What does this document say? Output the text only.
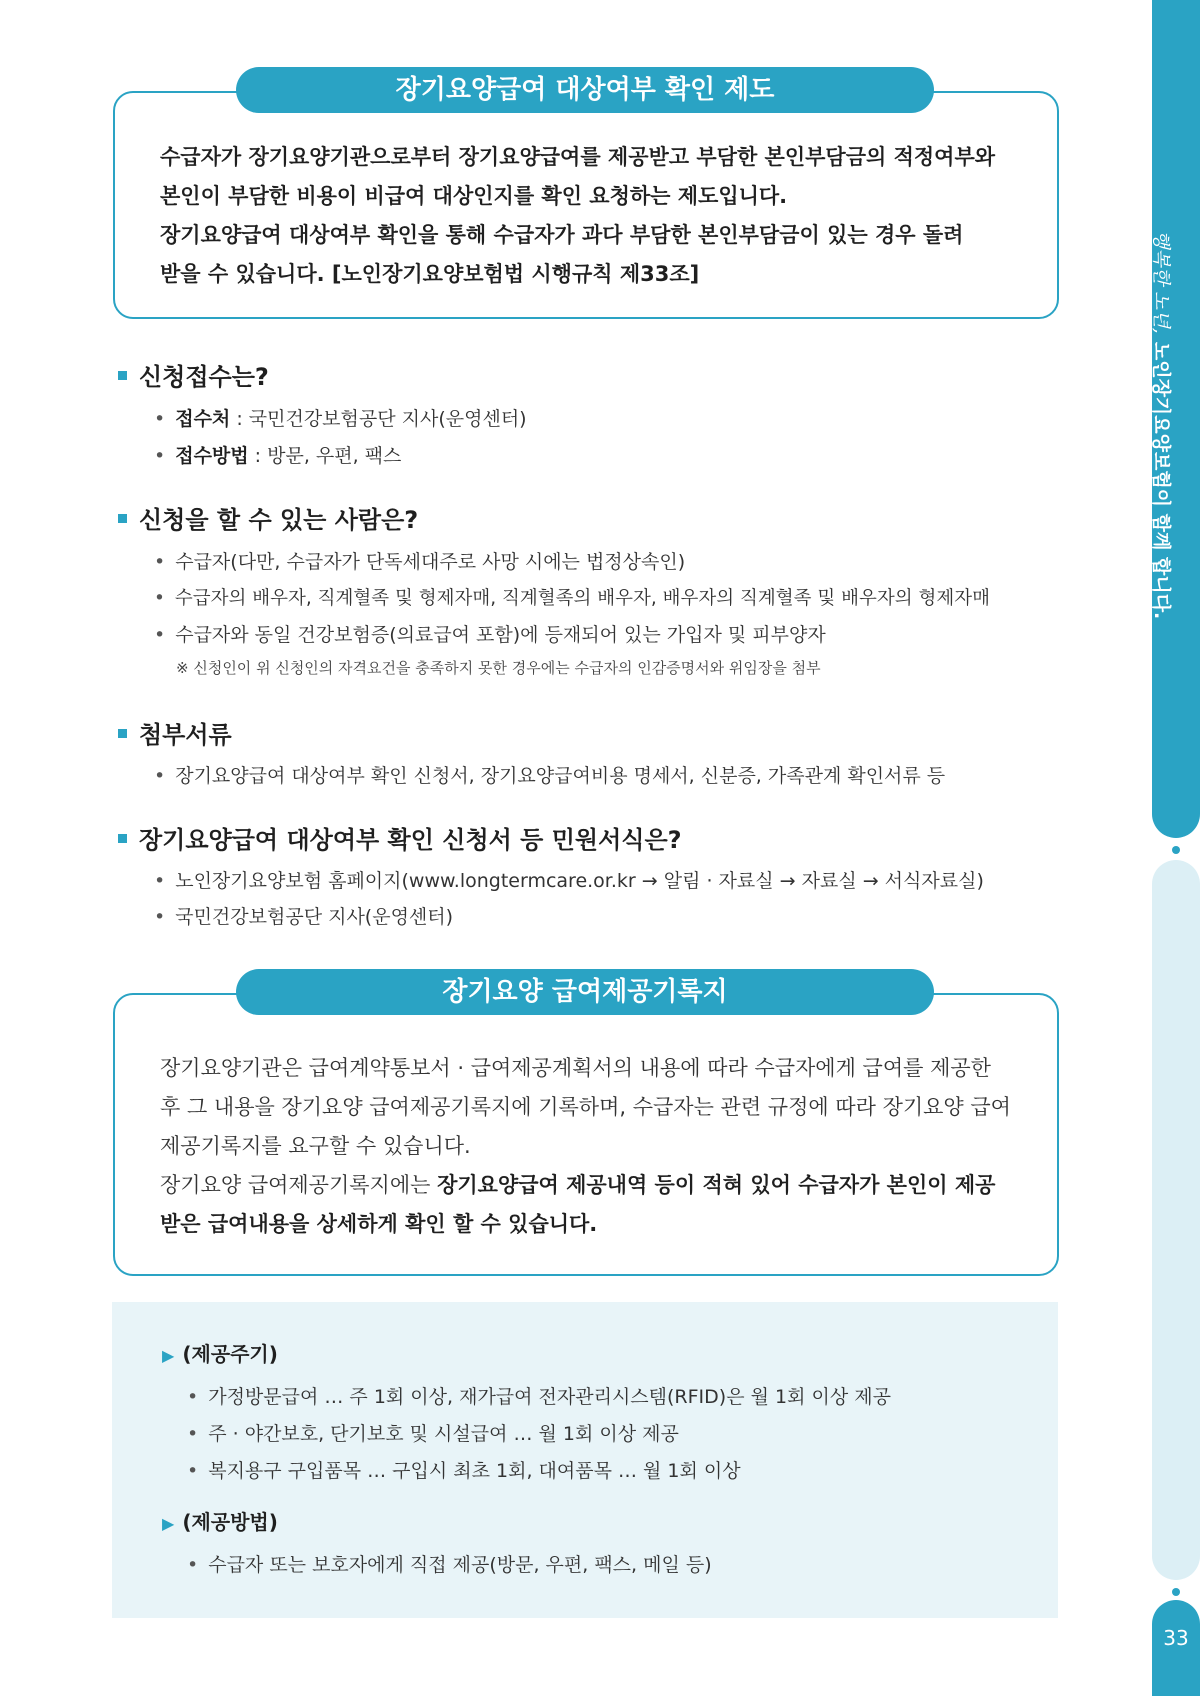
행복한 노년,노인장기요양보험이 함께 합니다.
33
수급자가 장기요양기관으로부터 장기요양급여를 제공받고 부담한 본인부담금의 적정여부와
본인이 부담한 비용이 비급여 대상인지를 확인 요청하는 제도입니다.
장기요양급여 대상여부 확인을 통해 수급자가 과다 부담한 본인부담금이 있는 경우 돌려
받을 수 있습니다. [노인장기요양보험법 시행규칙 제33조]
장기요양급여 대상여부 확인 제도
신청접수는?
• 접수처 : 국민건강보험공단 지사(운영센터)
• 접수방법 : 방문, 우편, 팩스
신청을 할 수 있는 사람은?
• 수급자(다만, 수급자가 단독세대주로 사망 시에는 법정상속인)
• 수급자의 배우자, 직계혈족 및 형제자매, 직계혈족의 배우자, 배우자의 직계혈족 및 배우자의 형제자매
• 수급자와 동일 건강보험증(의료급여 포함)에 등재되어 있는 가입자 및 피부양자
※ 신청인이 위 신청인의 자격요건을 충족하지 못한 경우에는 수급자의 인감증명서와 위임장을 첨부
첨부서류
• 장기요양급여 대상여부 확인 신청서, 장기요양급여비용 명세서, 신분증, 가족관계 확인서류 등
장기요양급여 대상여부 확인 신청서 등 민원서식은?
• 노인장기요양보험 홈페이지(www.longtermcare.or.kr → 알림 · 자료실 → 자료실 → 서식자료실)
• 국민건강보험공단 지사(운영센터)
장기요양기관은 급여계약통보서 · 급여제공계획서의 내용에 따라 수급자에게 급여를 제공한
후 그 내용을 장기요양 급여제공기록지에 기록하며, 수급자는 관련 규정에 따라 장기요양 급여
제공기록지를 요구할 수 있습니다.
장기요양 급여제공기록지에는 장기요양급여 제공내역 등이 적혀 있어 수급자가 본인이 제공
받은 급여내용을 상세하게 확인 할 수 있습니다.
장기요양 급여제공기록지
▶ (제공주기)
• 가정방문급여 … 주 1회 이상, 재가급여 전자관리시스템(RFID)은 월 1회 이상 제공
• 주 · 야간보호, 단기보호 및 시설급여 … 월 1회 이상 제공
• 복지용구 구입품목 … 구입시 최초 1회, 대여품목 … 월 1회 이상
▶ (제공방법)
• 수급자 또는 보호자에게 직접 제공(방문, 우편, 팩스, 메일 등)
